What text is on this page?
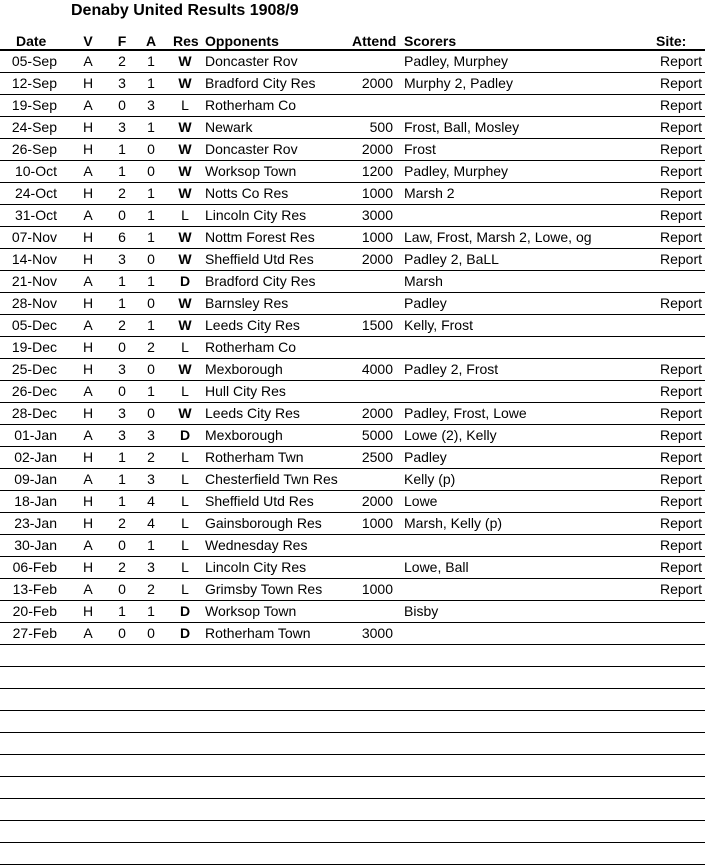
Denaby United Results 1908/9
Date	V	F	A	Res Opponents	Attend Scorers	Site:
05-Sep	A	2	1	W Doncaster Rov	Padley, Murphey	Report
12-Sep	H	3	1	W Bradford City Res	2000 Murphy 2, Padley	Report
19-Sep	A	0	3	L	Rotherham Co	Report
24-Sep	H	3	1	W Newark	500 Frost, Ball, Mosley	Report
26-Sep	H	1	0	W Doncaster Rov	2000 Frost	Report
10-Oct	A	1	0	W Worksop Town	1200 Padley, Murphey	Report
24-Oct	H	2	1	W Notts Co Res	1000 Marsh 2	Report
31-Oct	A	0	1	L	Lincoln City Res	3000	Report
07-Nov	H	6	1	W Nottm Forest Res	1000 Law, Frost, Marsh 2, Lowe, og	Report
14-Nov	H	3	0	W Sheffield Utd Res	2000 Padley 2, BaLL	Report
21-Nov	A	1	1	D	Bradford City Res	Marsh
28-Nov	H	1	0	W Barnsley Res	Padley	Report
05-Dec	A	2	1	W Leeds City Res	1500 Kelly, Frost
19-Dec	H	0	2	L	Rotherham Co
25-Dec	H	3	0	W Mexborough	4000 Padley 2, Frost	Report
26-Dec	A	0	1	L	Hull City Res	Report
28-Dec	H	3	0	W Leeds City Res	2000 Padley, Frost, Lowe	Report
01-Jan	A	3	3	D	Mexborough	5000 Lowe (2), Kelly	Report
02-Jan	H	1	2	L	Rotherham Twn	2500 Padley	Report
09-Jan	A	1	3	L	Chesterfield Twn Res	Kelly (p)	Report
18-Jan	H	1	4	L	Sheffield Utd Res	2000 Lowe	Report
23-Jan	H	2	4	L	Gainsborough Res	1000 Marsh, Kelly (p)	Report
30-Jan	A	0	1	L	Wednesday Res	Report
06-Feb	H	2	3	L	Lincoln City Res	Lowe, Ball	Report
13-Feb	A	0	2	L	Grimsby Town Res	1000	Report
20-Feb	H	1	1	D	Worksop Town	Bisby
27-Feb	A	0	0	D	Rotherham Town	3000
